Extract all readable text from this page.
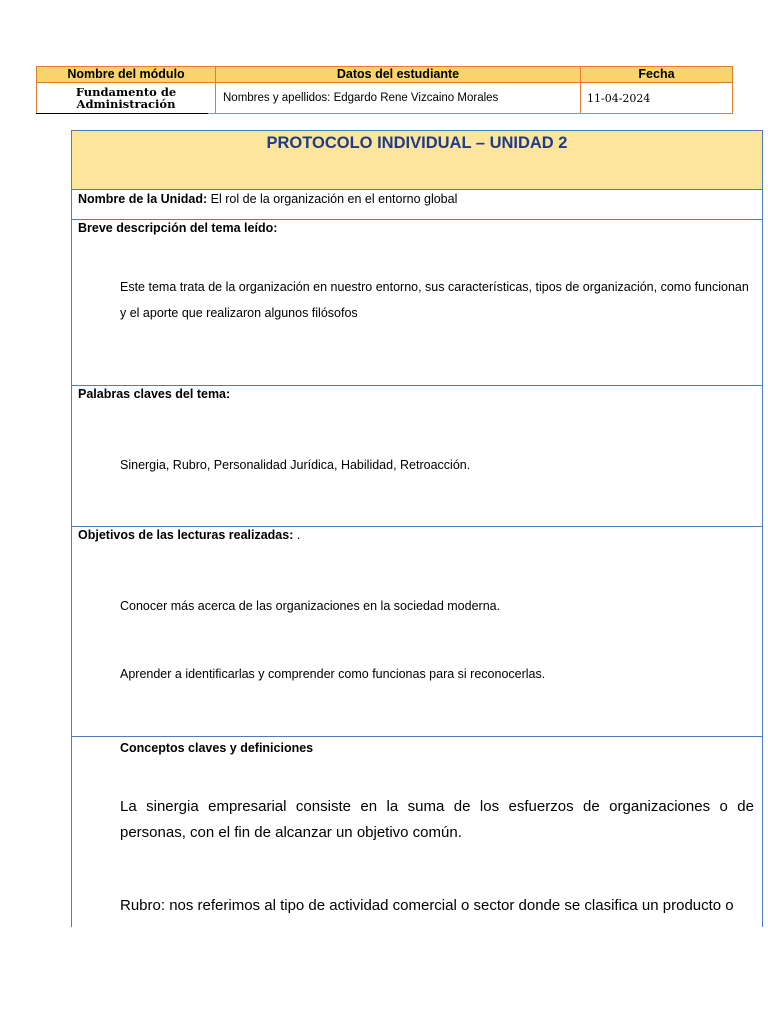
Nombre del módulo	Datos del estudiante	Fecha

Fundamento de
Administración	Nombres y apellidos: Edgardo Rene Vizcaino Morales	11-04-2024
PROTOCOLO INDIVIDUAL – UNIDAD 2
Nombre de la Unidad: El rol de la organización en el entorno global
Breve descripción del tema leído:
Este tema trata de la organización en nuestro entorno, sus características, tipos de organización, como funcionan y el aporte que realizaron algunos filósofos
Palabras claves del tema:
Sinergia, Rubro, Personalidad Jurídica, Habilidad, Retroacción.
Objetivos de las lecturas realizadas: .
Conocer más acerca de las organizaciones en la sociedad moderna.
Aprender a identificarlas y comprender como funcionas para si reconocerlas.
Conceptos claves y definiciones
La sinergia empresarial consiste en la suma de los esfuerzos de organizaciones o de personas, con el fin de alcanzar un objetivo común.
Rubro: nos referimos al tipo de actividad comercial o sector donde se clasifica un producto o
